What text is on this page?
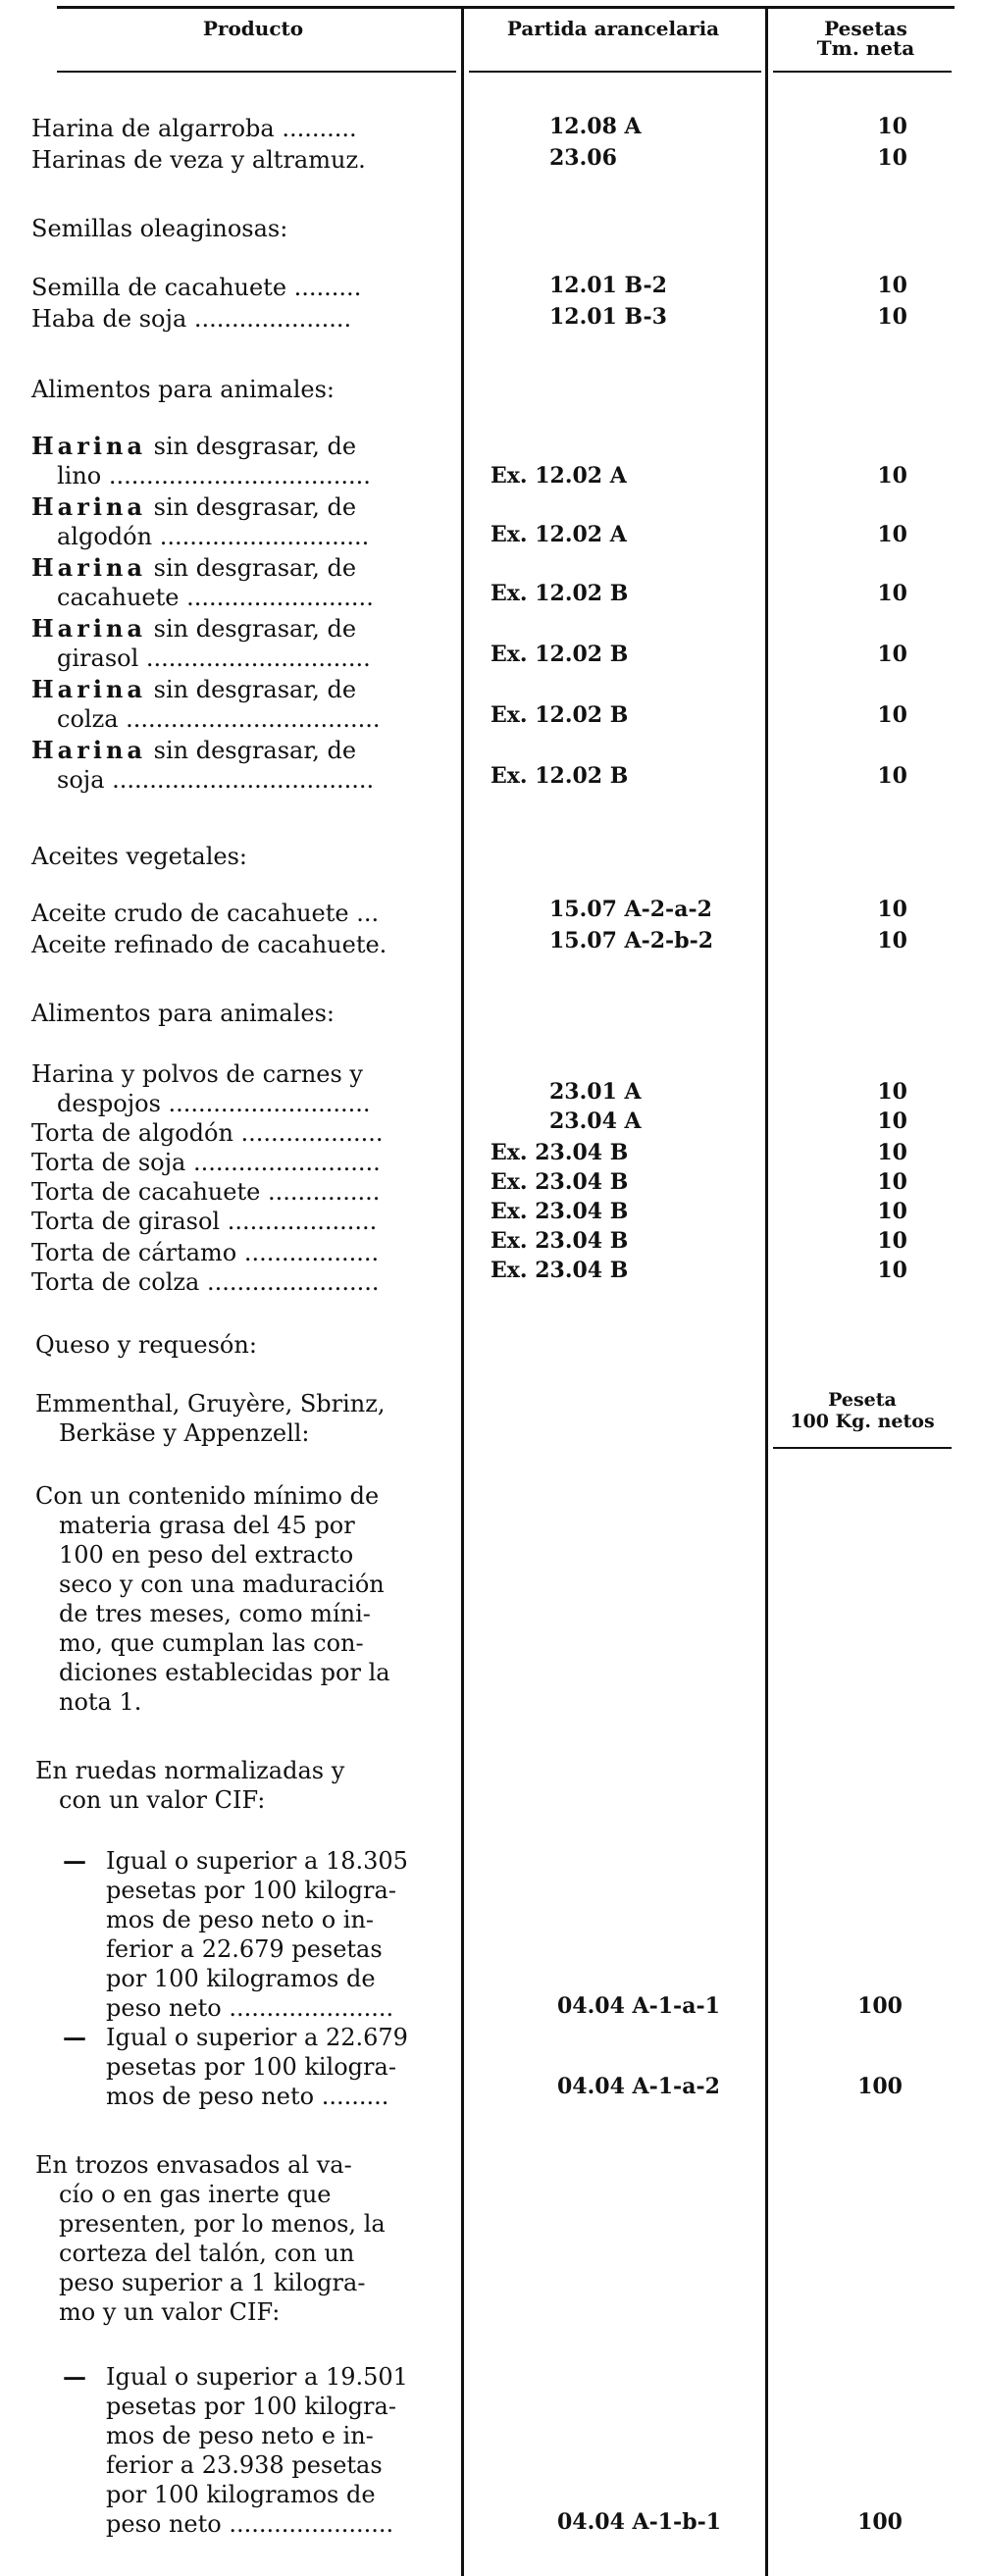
Producto	Partida arancelaria	Pesetas
Tm. neta
Harina de algarroba ..........	12.08 A	10
Harinas de veza y altramuz.	23.06	10
Semillas oleaginosas:
Semilla de cacahuete .........	12.01 B-2	10
Haba de soja .....................	12.01 B-3	10
Alimentos para animales:
Harina sin desgrasar, de
lino ...................................	Ex. 12.02 A	10
Harina sin desgrasar, de
algodón ............................	Ex. 12.02 A	10
Harina sin desgrasar, de
cacahuete .........................	Ex. 12.02 B	10
Harina sin desgrasar, de
girasol ..............................	Ex. 12.02 B	10
Harina sin desgrasar, de
colza ..................................	Ex. 12.02 B	10
Harina sin desgrasar, de
soja ...................................	Ex. 12.02 B	10
Aceites vegetales:
Aceite crudo de cacahuete ...	15.07 A-2-a-2	10
Aceite refinado de cacahuete.	15.07 A-2-b-2	10
Alimentos para animales:
Harina y polvos de carnes y
despojos ...........................	23.01 A	10
Torta de algodón ...................	23.04 A	10
Torta de soja .........................	Ex. 23.04 B	10
Torta de cacahuete ...............	Ex. 23.04 B	10
Torta de girasol ....................	Ex. 23.04 B	10
Torta de cártamo ..................	Ex. 23.04 B	10
Torta de colza .......................	Ex. 23.04 B	10
Queso y requesón:
Peseta
100 Kg. netos
Emmenthal, Gruyère, Sbrinz,
Berkäse y Appenzell:
Con un contenido mínimo de
materia grasa del 45 por
100 en peso del extracto
seco y con una maduración
de tres meses, como míni-
mo, que cumplan las con-
diciones establecidas por la
nota 1.
En ruedas normalizadas y
con un valor CIF:
— Igual o superior a 18.305
pesetas por 100 kilogra-
mos de peso neto o in-
ferior a 22.679 pesetas
por 100 kilogramos de
peso neto ......................	04.04 A-1-a-1	100
— Igual o superior a 22.679
pesetas por 100 kilogra-
mos de peso neto .........	04.04 A-1-a-2	100
En trozos envasados al va-
cío o en gas inerte que
presenten, por lo menos, la
corteza del talón, con un
peso superior a 1 kilogra-
mo y un valor CIF:
— Igual o superior a 19.501
pesetas por 100 kilogra-
mos de peso neto e in-
ferior a 23.938 pesetas
por 100 kilogramos de
peso neto ......................	04.04 A-1-b-1	100
